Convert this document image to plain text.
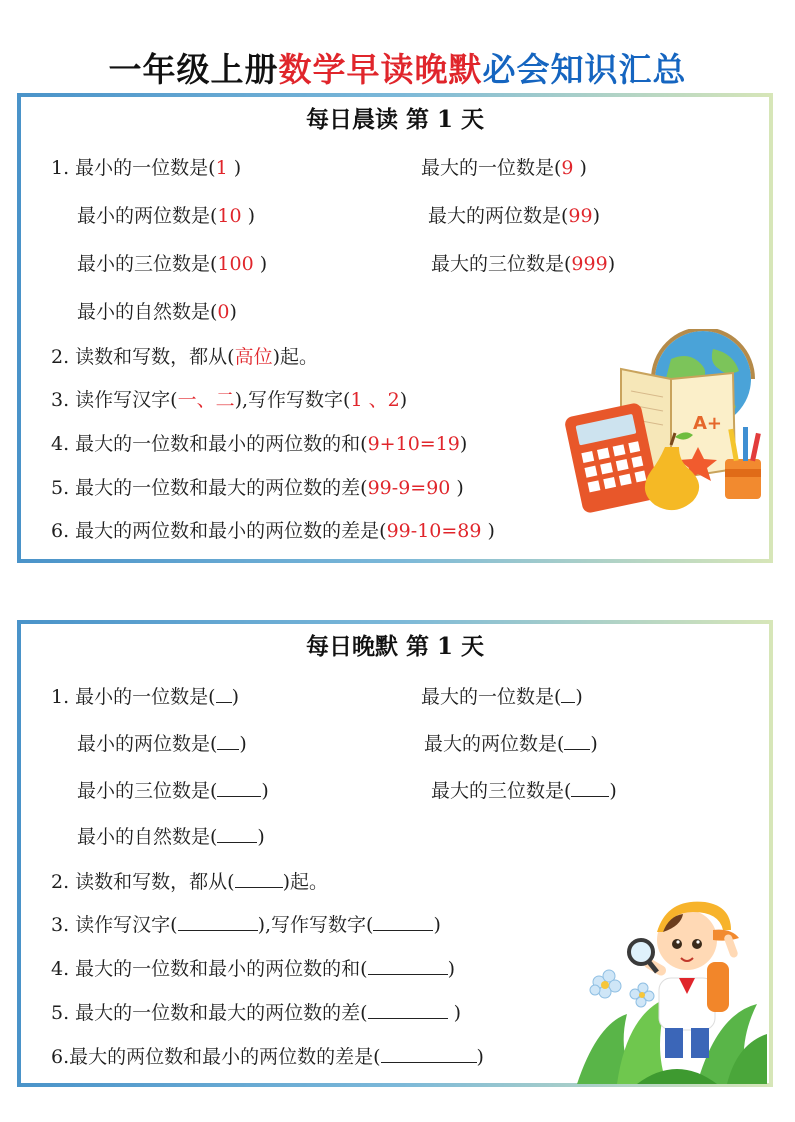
一年级上册数学早读晚默必会知识汇总
每日晨读 第 1 天
1. 最小的一位数是(1 )	最大的一位数是(9 )
最小的两位数是(10 )	最大的两位数是(99)
最小的三位数是(100 )	最大的三位数是(999)
最小的自然数是(0)
2. 读数和写数，都从(高位)起。
3. 读作写汉字(一、二),写作写数字(1 、2)
4. 最大的一位数和最小的两位数的和(9+10=19)
5. 最大的一位数和最大的两位数的差(99-9=90 )
6. 最大的两位数和最小的两位数的差是(99-10=89 )
A+
每日晚默 第 1 天
1. 最小的一位数是( )	最大的一位数是( )
最小的两位数是( )	最大的两位数是( )
最小的三位数是( )	最大的三位数是( )
最小的自然数是( )
2. 读数和写数，都从(	)起。
3. 读作写汉字(	),写作写数字(	)
4. 最大的一位数和最小的两位数的和(	)
5. 最大的一位数和最大的两位数的差(	)
6.最大的两位数和最小的两位数的差是(	)
